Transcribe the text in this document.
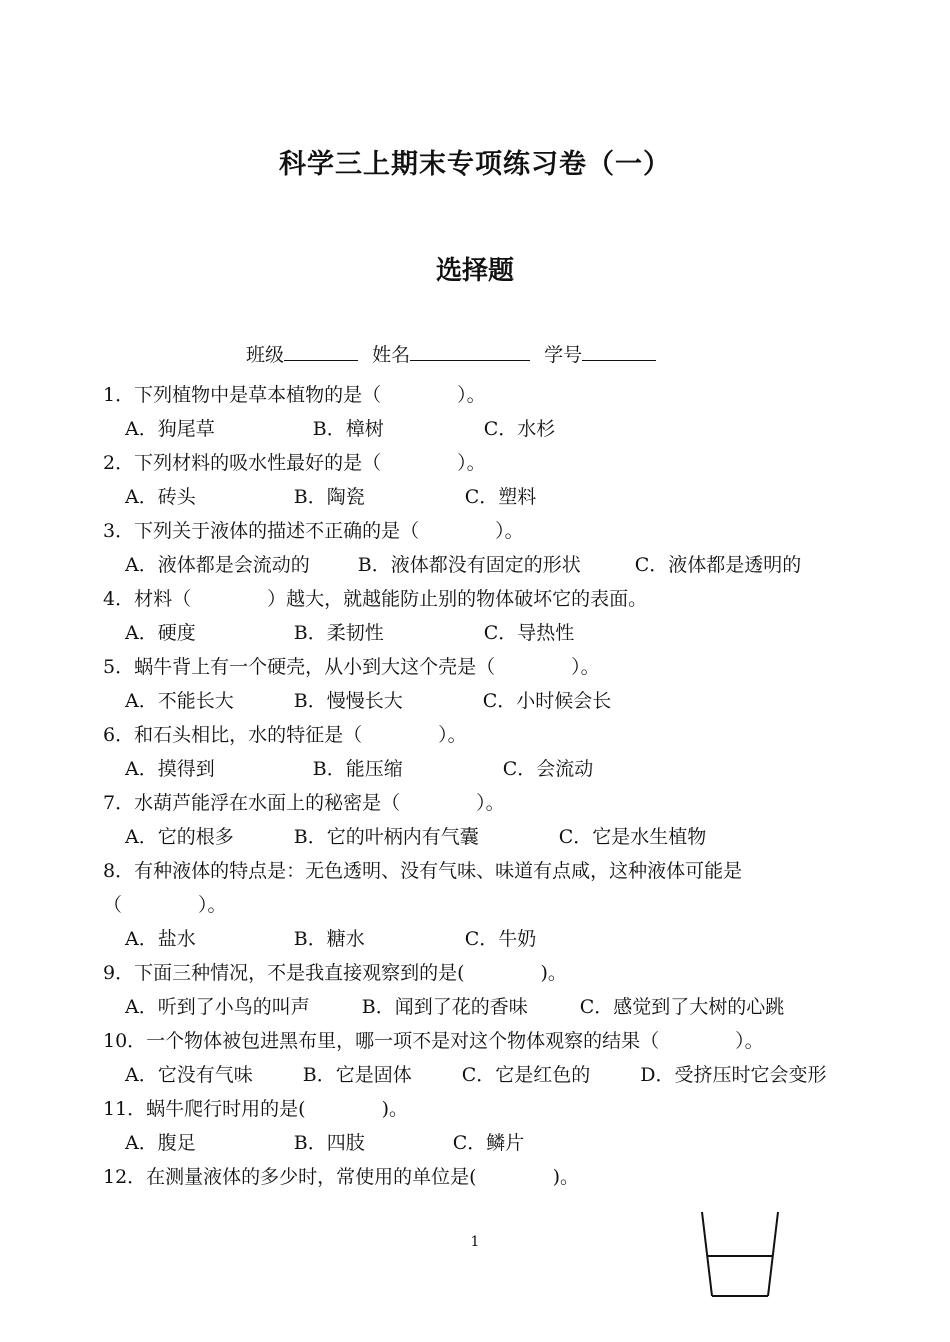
科学三上期末专项练习卷（一）
选择题
班级	姓名	学号
1．下列植物中是草本植物的是（　　　　）。
A．狗尾草	B．樟树	C．水杉
2．下列材料的吸水性最好的是（　　　　）。
A．砖头	B．陶瓷	C．塑料
3．下列关于液体的描述不正确的是（　　　　）。
A．液体都是会流动的	B．液体都没有固定的形状	C．液体都是透明的
4．材料（　　　　）越大，就越能防止别的物体破坏它的表面。
A．硬度	B．柔韧性	C．导热性
5．蜗牛背上有一个硬壳，从小到大这个壳是（　　　　）。
A．不能长大	B．慢慢长大	C．小时候会长
6．和石头相比，水的特征是（　　　　）。
A．摸得到	B．能压缩	C．会流动
7．水葫芦能浮在水面上的秘密是（　　　　）。
A．它的根多	B．它的叶柄内有气囊	C．它是水生植物
8．有种液体的特点是：无色透明、没有气味、味道有点咸，这种液体可能是（　　　　）。
A．盐水	B．糖水	C．牛奶
9．下面三种情况，不是我直接观察到的是(　　　　)。
A．听到了小鸟的叫声	B．闻到了花的香味	C．感觉到了大树的心跳
10．一个物体被包进黑布里，哪一项不是对这个物体观察的结果（　　　　）。
A．它没有气味	B．它是固体	C．它是红色的	D．受挤压时它会变形
11．蜗牛爬行时用的是(　　　　)。
A．腹足	B．四肢	C．鳞片
12．在测量液体的多少时，常使用的单位是(　　　　)。
1
